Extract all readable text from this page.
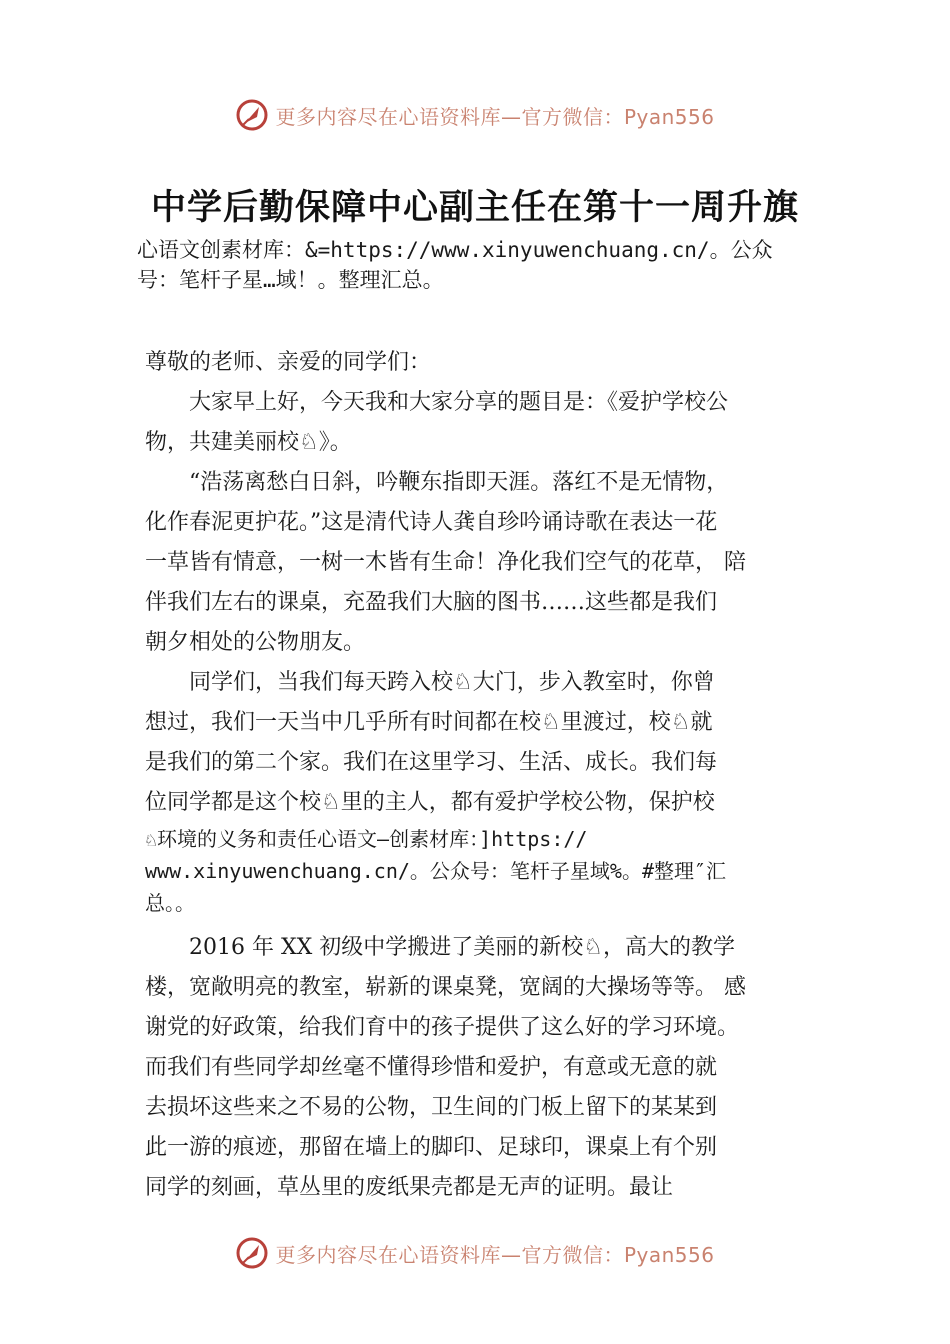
更多内容尽在心语资料库—官方微信：Pyan556
中学后勤保障中心副主任在第十一周升旗
心语文创素材库：&=https://www.xinyuwenchuang.cn/。公众
号：笔杆子星…域！。整理汇总。

尊敬的老师、亲爱的同学们：

　　大家早上好，今天我和大家分享的题目是：《爱护学校公

物，共建美丽校♘》。

　　“浩荡离愁白日斜，吟鞭东指即天涯。落红不是无情物，

化作春泥更护花。”这是清代诗人龚自珍吟诵诗歌在表达一花

一草皆有情意，一树一木皆有生命！净化我们空气的花草， 陪

伴我们左右的课桌，充盈我们大脑的图书……这些都是我们

朝夕相处的公物朋友。

　　同学们，当我们每天跨入校♘大门，步入教室时，你曾

想过，我们一天当中几乎所有时间都在校♘里渡过，校♘就

是我们的第二个家。我们在这里学习、生活、成长。我们每

位同学都是这个校♘里的主人，都有爱护学校公物，保护校

♘环境的义务和责任心语文—创素材库：]https://

www.xinyuwenchuang.cn/。公众号：笔杆子星域%。#整理″汇

总。。

　　2016 年 XX 初级中学搬进了美丽的新校♘，高大的教学

楼，宽敞明亮的教室，崭新的课桌凳，宽阔的大操场等等。 感

谢党的好政策，给我们育中的孩子提供了这么好的学习环境。

而我们有些同学却丝毫不懂得珍惜和爱护，有意或无意的就

去损坏这些来之不易的公物，卫生间的门板上留下的某某到

此一游的痕迹，那留在墙上的脚印、足球印，课桌上有个别

同学的刻画，草丛里的废纸果壳都是无声的证明。最让

更多内容尽在心语资料库—官方微信：Pyan556
